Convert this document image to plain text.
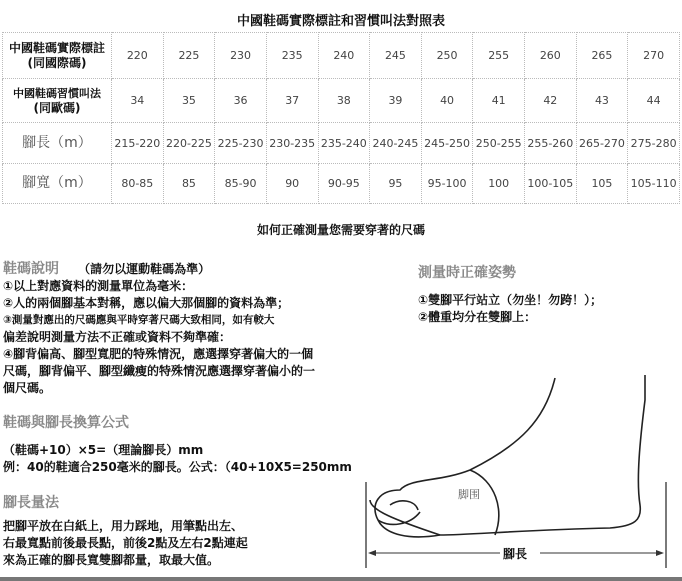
中國鞋碼實際標註和習慣叫法對照表
中國鞋碼實際標註
(同國際碼)	220	225	230	235	240	245	250	255	260	265	270

中國鞋碼習慣叫法
(同歐碼)	34	35	36	37	38	39	40	41	42	43	44
腳長（m）	215-220	220-225	225-230	230-235	235-240	240-245	245-250	250-255	255-260	265-270	275-280
腳寬（m）	80-85	85	85-90	90	90-95	95	95-100	100	100-105	105	105-110
如何正確測量您需要穿著的尺碼
鞋碼說明 （請勿以運動鞋碼為準）
①以上對應資料的測量單位為毫米：
②人的兩個腳基本對稱，應以偏大那個腳的資料為準；
③測量對應出的尺碼應與平時穿著尺碼大致相同，如有較大
偏差說明測量方法不正確或資料不夠準確：
④腳背偏高、腳型寬肥的特殊情況，應選擇穿著偏大的一個
尺碼，腳背偏平、腳型纖瘦的特殊情況應選擇穿著偏小的一
個尺碼。
測量時正確姿勢
①雙腳平行站立（勿坐！勿跨！）；
②體重均分在雙腳上：
鞋碼與腳長換算公式
（鞋碼+10）×5=（理論腳長）mm
例：40的鞋適合250毫米的腳長。公式：（40+10X5=250mm
腳長量法
把腳平放在白紙上，用力踩地，用筆點出左、
右最寬點前後最長點，前後2點及左右2點連起
來為正確的腳長寬雙腳都量，取最大值。
脚围
腳長
